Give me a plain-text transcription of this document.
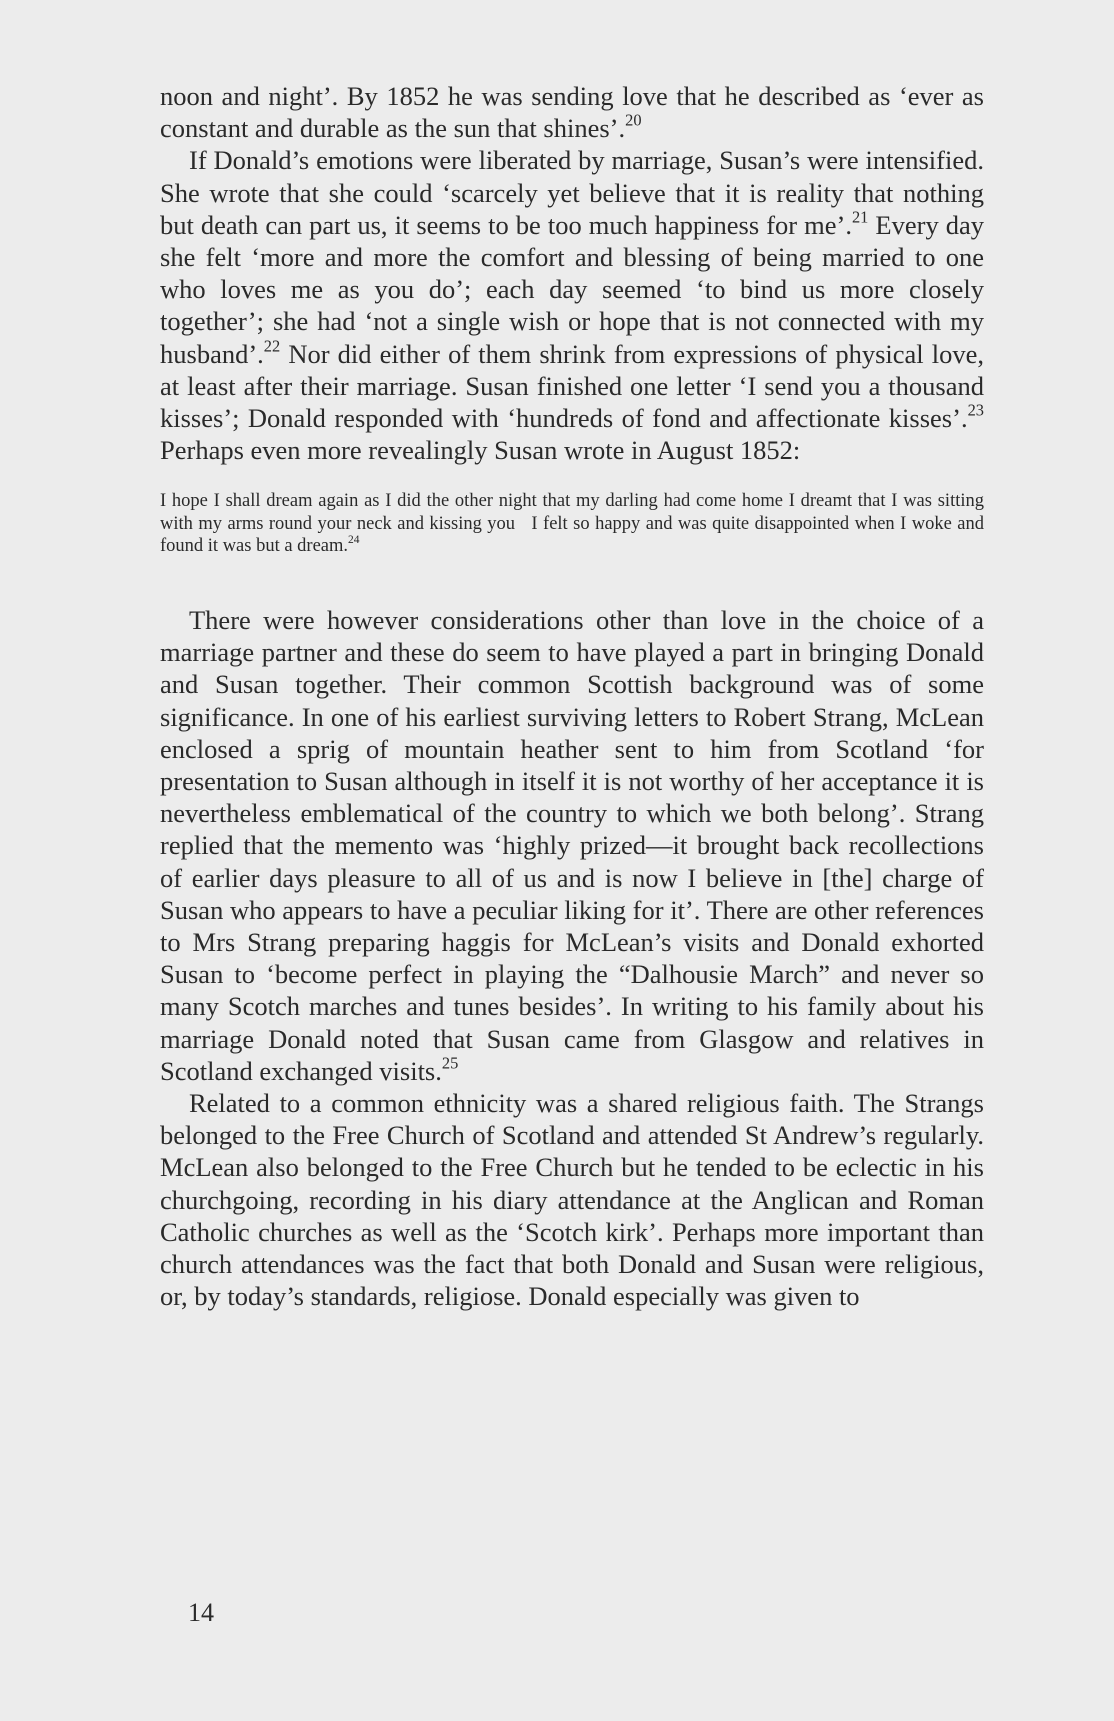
noon and night’. By 1852 he was sending love that he described as ‘ever as constant and durable as the sun that shines’.$^{20}$

If Donald’s emotions were liberated by marriage, Susan’s were intensified. She wrote that she could ‘scarcely yet believe that it is reality that nothing but death can part us, it seems to be too much happiness for me’.$^{21}$ Every day she felt ‘more and more the comfort and blessing of being married to one who loves me as you do’; each day seemed ‘to bind us more closely together’; she had ‘not a single wish or hope that is not connected with my husband’.$^{22}$ Nor did either of them shrink from expressions of physical love, at least after their marriage. Susan finished one letter ‘I send you a thousand kisses’; Donald responded with ‘hundreds of fond and affectionate kisses’.$^{23}$ Perhaps even more revealingly Susan wrote in August 1852:

I hope I shall dream again as I did the other night that my darling had come home I dreamt that I was sitting with my arms round your neck and kissing you   I felt so happy and was quite disappointed when I woke and found it was but a dream.$^{24}$

There were however considerations other than love in the choice of a marriage partner and these do seem to have played a part in bringing Donald and Susan together. Their common Scottish background was of some significance. In one of his earliest surviving letters to Robert Strang, McLean enclosed a sprig of mountain heather sent to him from Scotland ‘for presentation to Susan although in itself it is not worthy of her acceptance it is nevertheless emblematical of the country to which we both belong’. Strang replied that the memento was ‘highly prized—it brought back recollections of earlier days pleasure to all of us and is now I believe in [the] charge of Susan who appears to have a peculiar liking for it’. There are other references to Mrs Strang preparing haggis for McLean’s visits and Donald exhorted Susan to ‘become perfect in playing the “Dalhousie March” and never so many Scotch marches and tunes besides’. In writing to his family about his marriage Donald noted that Susan came from Glasgow and relatives in Scotland exchanged visits.$^{25}$

Related to a common ethnicity was a shared religious faith. The Strangs belonged to the Free Church of Scotland and attended St Andrew’s regularly. McLean also belonged to the Free Church but he tended to be eclectic in his churchgoing, recording in his diary attendance at the Anglican and Roman Catholic churches as well as the ‘Scotch kirk’. Perhaps more important than church attendances was the fact that both Donald and Susan were religious, or, by today’s standards, religiose. Donald especially was given to

14
